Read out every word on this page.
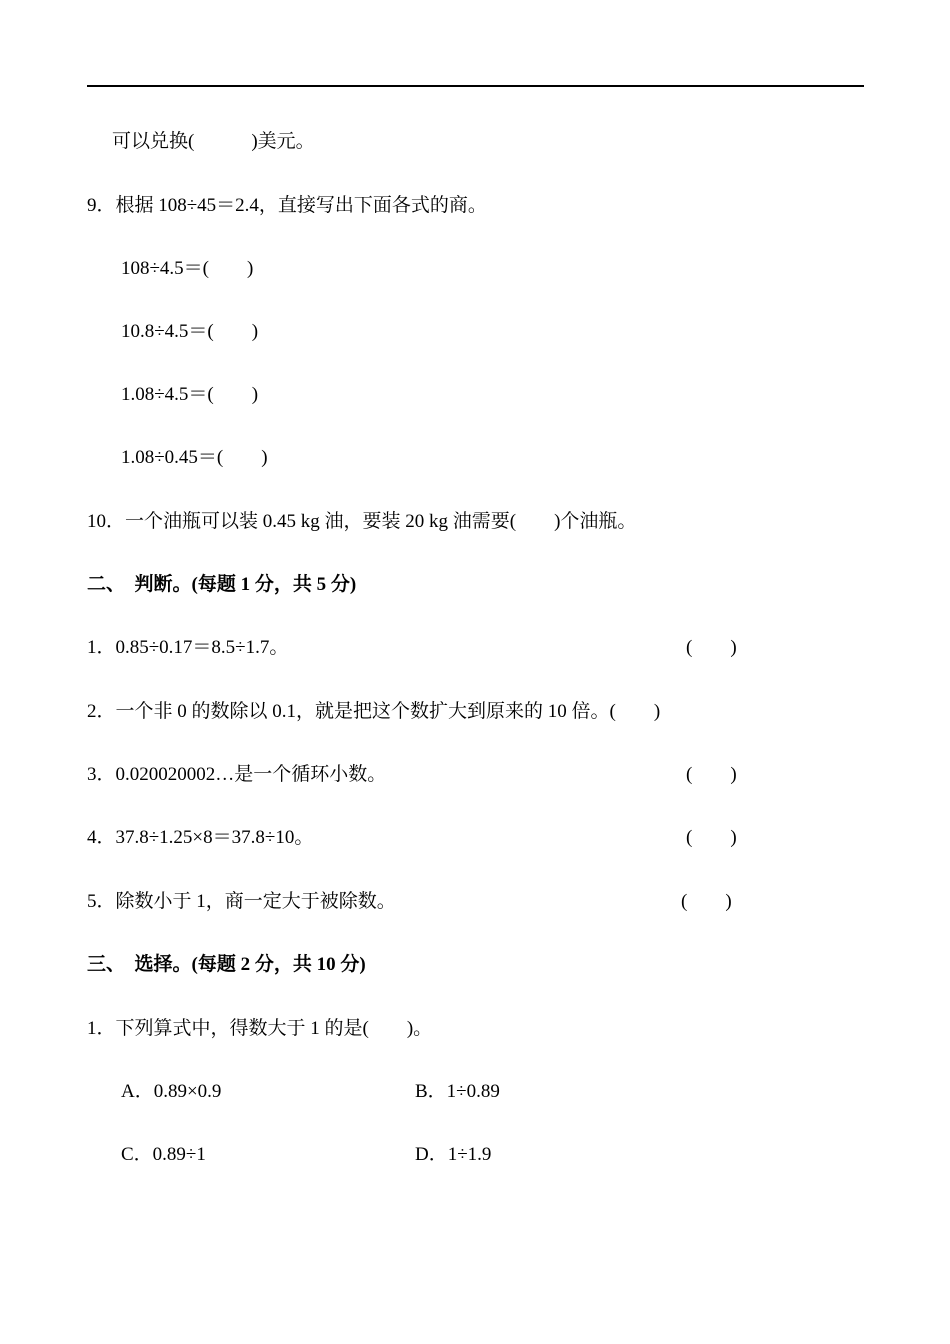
可以兑换(            )美元。
9．根据 108÷45＝2.4，直接写出下面各式的商。
108÷4.5＝(        )
10.8÷4.5＝(        )
1.08÷4.5＝(        )
1.08÷0.45＝(        )
10．一个油瓶可以装 0.45 kg 油，要装 20 kg 油需要(        )个油瓶。
二、  判断。(每题 1 分，共 5 分)
1．0.85÷0.17＝8.5÷1.7。	(        )
2．一个非 0 的数除以 0.1，就是把这个数扩大到原来的 10 倍。(        )
3．0.020020002…是一个循环小数。	(        )
4．37.8÷1.25×8＝37.8÷10。	(        )
5．除数小于 1，商一定大于被除数。	(        )
三、  选择。(每题 2 分，共 10 分)
1．下列算式中，得数大于 1 的是(        )。
A．0.89×0.9	B．1÷0.89
C．0.89÷1	D．1÷1.9
